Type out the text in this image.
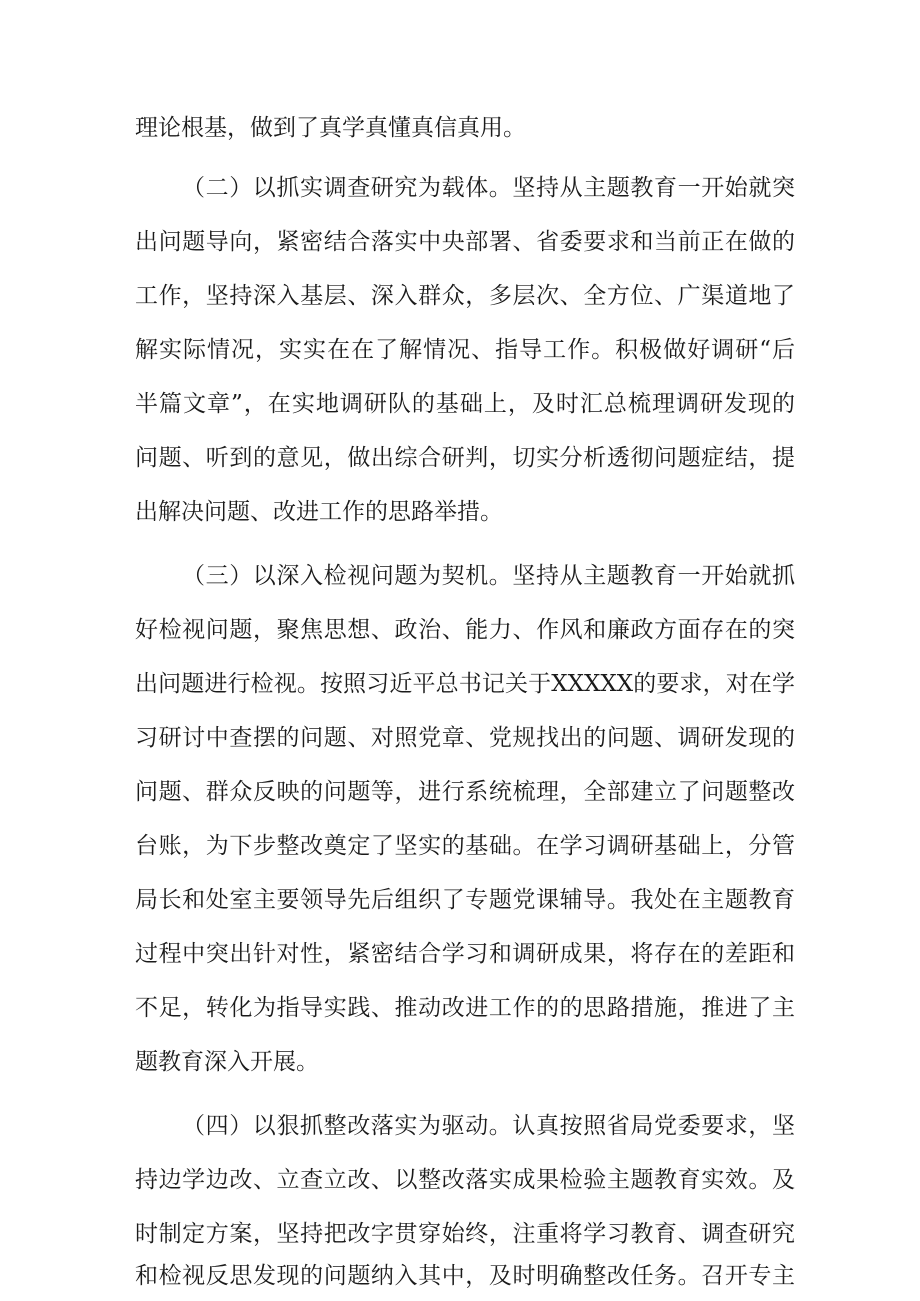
理论根基，做到了真学真懂真信真用。
（二）以抓实调查研究为载体。坚持从主题教育一开始就突
出问题导向，紧密结合落实中央部署、省委要求和当前正在做的
工作，坚持深入基层、深入群众，多层次、全方位、广渠道地了
解实际情况，实实在在了解情况、指导工作。积极做好调研“后
半篇文章”，在实地调研队的基础上，及时汇总梳理调研发现的
问题、听到的意见，做出综合研判，切实分析透彻问题症结，提
出解决问题、改进工作的思路举措。
（三）以深入检视问题为契机。坚持从主题教育一开始就抓
好检视问题，聚焦思想、政治、能力、作风和廉政方面存在的突
出问题进行检视。按照习近平总书记关于XXXXX的要求，对在学
习研讨中查摆的问题、对照党章、党规找出的问题、调研发现的
问题、群众反映的问题等，进行系统梳理，全部建立了问题整改
台账，为下步整改奠定了坚实的基础。在学习调研基础上，分管
局长和处室主要领导先后组织了专题党课辅导。我处在主题教育
过程中突出针对性，紧密结合学习和调研成果，将存在的差距和
不足，转化为指导实践、推动改进工作的的思路措施，推进了主
题教育深入开展。
（四）以狠抓整改落实为驱动。认真按照省局党委要求，坚
持边学边改、立查立改、以整改落实成果检验主题教育实效。及
时制定方案，坚持把改字贯穿始终，注重将学习教育、调查研究
和检视反思发现的问题纳入其中，及时明确整改任务。召开专主
